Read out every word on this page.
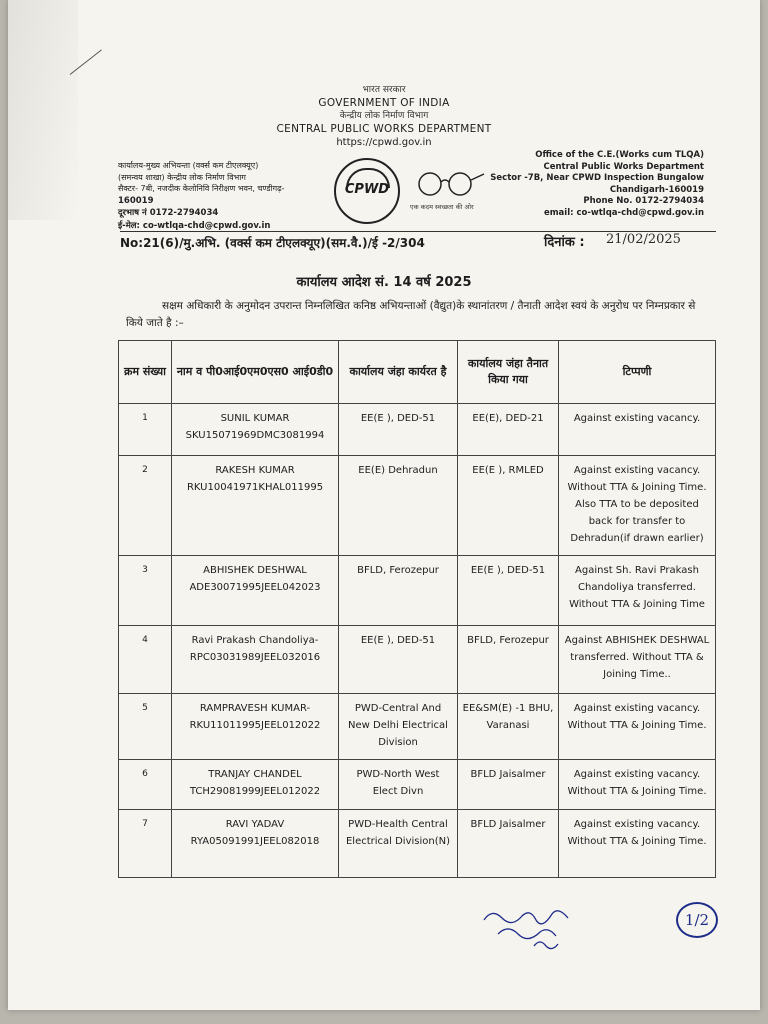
भारत सरकार
GOVERNMENT OF INDIA
केन्द्रीय लोक निर्माण विभाग
CENTRAL PUBLIC WORKS DEPARTMENT
https://cpwd.gov.in
कार्यालय-मुख्य अभियन्ता (वर्क्स कम टीएलक्यूए)
(समन्वय शाखा) केन्द्रीय लोक निर्माण विभाग
सैक्टर- 7बी, नजदीक केलोनिवि निरीक्षण भवन, चण्डीगढ़-
160019
दूरभाष नं 0172-2794034
ई-मेल: co-wtlqa-chd@cpwd.gov.in
CPWD
एक कदम स्वच्छता की ओर
Office of the C.E.(Works cum TLQA)
Central Public Works Department
Sector -7B, Near CPWD Inspection Bungalow
Chandigarh-160019
Phone No. 0172-2794034
email: co-wtlqa-chd@cpwd.gov.in
No:21(6)/मु.अभि. (वर्क्स कम टीएलक्यूए)(सम.वै.)/ई -2/304	दिनांक : 21/02/2025
कार्यालय आदेश सं. 14 वर्ष 2025
सक्षम अधिकारी के अनुमोदन उपरान्त निम्नलिखित कनिष्ठ अभियन्ताओं (वैद्युत)के स्थानांतरण / तैनाती आदेश स्वयं के अनुरोध पर निम्नप्रकार से किये जाते है :–
क्रम संख्या	नाम व पी0आई0एम0एस0 आई0डी0	कार्यालय जंहा कार्यरत है	कार्यालय जंहा तैनात किया गया	टिप्पणी
1	SUNIL KUMAR
SKU15071969DMC3081994	EE(E ), DED-51	EE(E), DED-21	Against existing vacancy.
2	RAKESH KUMAR
RKU10041971KHAL011995	EE(E) Dehradun	EE(E ), RMLED	Against existing vacancy. Without TTA & Joining Time. Also TTA to be deposited back for transfer to Dehradun(if drawn earlier)
3	ABHISHEK DESHWAL
ADE30071995JEEL042023	BFLD, Ferozepur	EE(E ), DED-51	Against Sh. Ravi Prakash Chandoliya transferred. Without TTA & Joining Time
4	Ravi Prakash Chandoliya-
RPC03031989JEEL032016	EE(E ), DED-51	BFLD, Ferozepur	Against ABHISHEK DESHWAL transferred. Without TTA & Joining Time..
5	RAMPRAVESH KUMAR-
RKU11011995JEEL012022	PWD-Central And New Delhi Electrical Division	EE&SM(E) -1 BHU, Varanasi	Against existing vacancy. Without TTA & Joining Time.
6	TRANJAY CHANDEL
TCH29081999JEEL012022	PWD-North West Elect Divn	BFLD Jaisalmer	Against existing vacancy. Without TTA & Joining Time.
7	RAVI YADAV
RYA05091991JEEL082018	PWD-Health Central Electrical Division(N)	BFLD Jaisalmer	Against existing vacancy. Without TTA & Joining Time.
1/2
